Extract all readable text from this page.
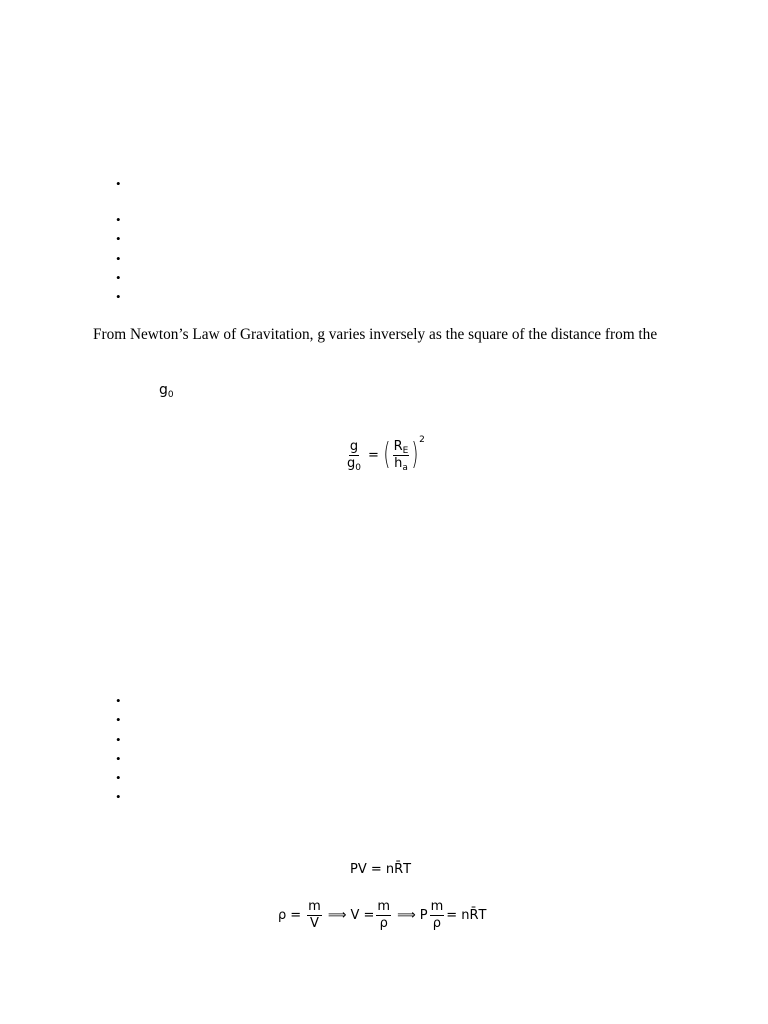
•
•
•
•
•
•
From Newton’s Law of Gravitation, g varies inversely as the square of the distance from the
$g_0$
$\frac{g}{g_0}$ = ( $\frac{R_E}{h_a}$ ) 2
•
•
•
•
•
•
PV = nR̄T
$\rho = \frac{m}{V}$ ⟹ $V = \frac{m}{\rho}$ ⟹ P $\frac{m}{\rho}$ = nR̄T
